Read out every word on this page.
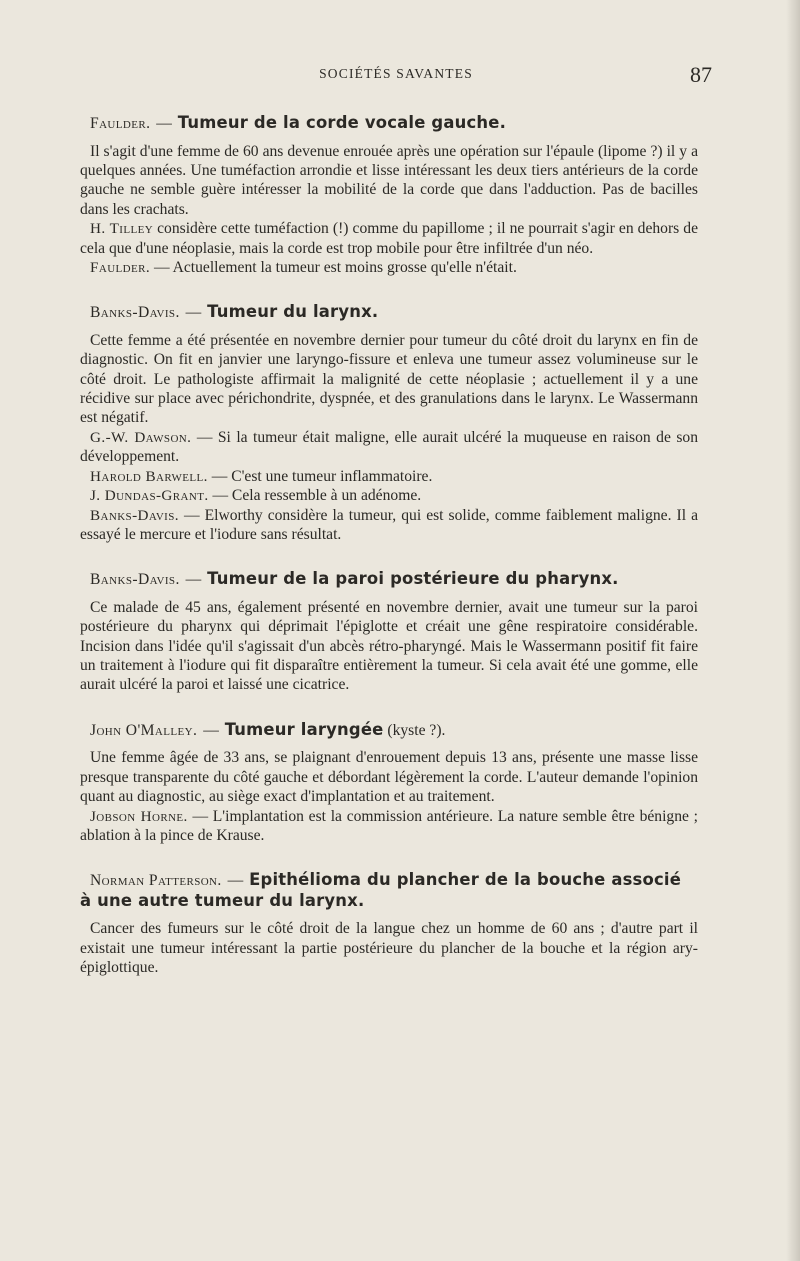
SOCIÉTÉS SAVANTES	87
Faulder. — Tumeur de la corde vocale gauche.

Il s'agit d'une femme de 60 ans devenue enrouée après une opération sur l'épaule (lipome ?) il y a quelques années. Une tuméfaction arrondie et lisse intéressant les deux tiers antérieurs de la corde gauche ne semble guère intéresser la mobilité de la corde que dans l'adduction. Pas de bacilles dans les crachats.

H. Tilley considère cette tuméfaction (!) comme du papillome ; il ne pourrait s'agir en dehors de cela que d'une néoplasie, mais la corde est trop mobile pour être infiltrée d'un néo.

Faulder. — Actuellement la tumeur est moins grosse qu'elle n'était.

Banks-Davis. — Tumeur du larynx.

Cette femme a été présentée en novembre dernier pour tumeur du côté droit du larynx en fin de diagnostic. On fit en janvier une laryngo-fissure et enleva une tumeur assez volumineuse sur le côté droit. Le pathologiste affirmait la malignité de cette néoplasie ; actuellement il y a une récidive sur place avec périchondrite, dyspnée, et des granulations dans le larynx. Le Wassermann est négatif.

G.-W. Dawson. — Si la tumeur était maligne, elle aurait ulcéré la muqueuse en raison de son développement.

Harold Barwell. — C'est une tumeur inflammatoire.

J. Dundas-Grant. — Cela ressemble à un adénome.

Banks-Davis. — Elworthy considère la tumeur, qui est solide, comme faiblement maligne. Il a essayé le mercure et l'iodure sans résultat.

Banks-Davis. — Tumeur de la paroi postérieure du pharynx.

Ce malade de 45 ans, également présenté en novembre dernier, avait une tumeur sur la paroi postérieure du pharynx qui déprimait l'épiglotte et créait une gêne respiratoire considérable. Incision dans l'idée qu'il s'agissait d'un abcès rétro-pharyngé. Mais le Wassermann positif fit faire un traitement à l'iodure qui fit disparaître entièrement la tumeur. Si cela avait été une gomme, elle aurait ulcéré la paroi et laissé une cicatrice.

John O'Malley. — Tumeur laryngée (kyste ?).

Une femme âgée de 33 ans, se plaignant d'enrouement depuis 13 ans, présente une masse lisse presque transparente du côté gauche et débordant légèrement la corde. L'auteur demande l'opinion quant au diagnostic, au siège exact d'implantation et au traitement.

Jobson Horne. — L'implantation est la commission antérieure. La nature semble être bénigne ; ablation à la pince de Krause.

Norman Patterson. — Epithélioma du plancher de la bouche associé à une autre tumeur du larynx.

Cancer des fumeurs sur le côté droit de la langue chez un homme de 60 ans ; d'autre part il existait une tumeur intéressant la partie postérieure du plancher de la bouche et la région ary-épiglottique.
